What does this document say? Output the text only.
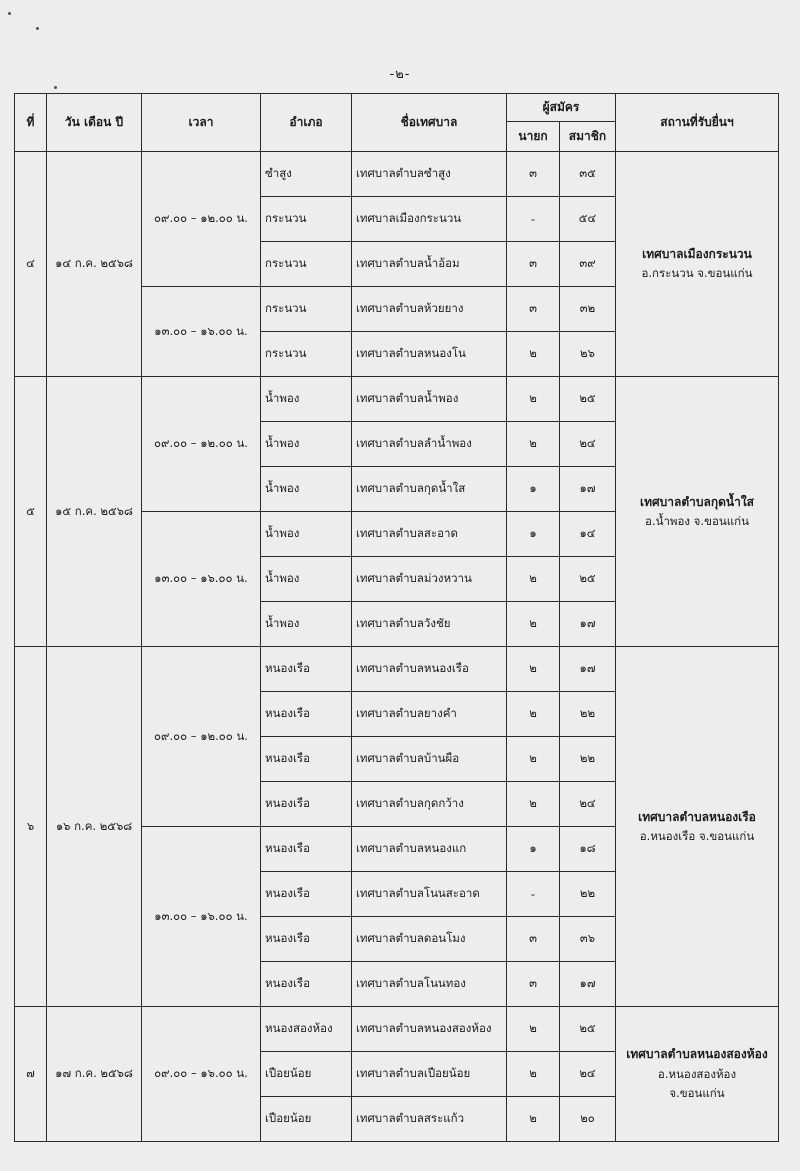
-๒-
ที่	วัน เดือน ปี	เวลา	อำเภอ	ชื่อเทศบาล	ผู้สมัคร		สถานที่รับยื่นฯ
					นายก	สมาชิก	
๔	๑๔ ก.ค. ๒๕๖๘	๐๙.๐๐ – ๑๒.๐๐ น.	ซำสูง	เทศบาลตำบลซำสูง	๓	๓๕	เทศบาลเมืองกระนวน
อ.กระนวน จ.ขอนแก่น

			กระนวน	เทศบาลเมืองกระนวน	-	๕๔	
			กระนวน	เทศบาลตำบลน้ำอ้อม	๓	๓๙	
		๑๓.๐๐ – ๑๖.๐๐ น.	กระนวน	เทศบาลตำบลห้วยยาง	๓	๓๒	
			กระนวน	เทศบาลตำบลหนองโน	๒	๒๖	
๕	๑๕ ก.ค. ๒๕๖๘	๐๙.๐๐ – ๑๒.๐๐ น.	น้ำพอง	เทศบาลตำบลน้ำพอง	๒	๒๕	เทศบาลตำบลกุดน้ำใส
อ.น้ำพอง จ.ขอนแก่น

			น้ำพอง	เทศบาลตำบลลำน้ำพอง	๒	๒๔	
			น้ำพอง	เทศบาลตำบลกุดน้ำใส	๑	๑๗	
		๑๓.๐๐ – ๑๖.๐๐ น.	น้ำพอง	เทศบาลตำบลสะอาด	๑	๑๔	
			น้ำพอง	เทศบาลตำบลม่วงหวาน	๒	๒๕	
			น้ำพอง	เทศบาลตำบลวังชัย	๒	๑๗	
๖	๑๖ ก.ค. ๒๕๖๘	๐๙.๐๐ – ๑๒.๐๐ น.	หนองเรือ	เทศบาลตำบลหนองเรือ	๒	๑๗	เทศบาลตำบลหนองเรือ
อ.หนองเรือ จ.ขอนแก่น

			หนองเรือ	เทศบาลตำบลยางคำ	๒	๒๒	
			หนองเรือ	เทศบาลตำบลบ้านผือ	๒	๒๒	
			หนองเรือ	เทศบาลตำบลกุดกว้าง	๒	๒๔	
		๑๓.๐๐ – ๑๖.๐๐ น.	หนองเรือ	เทศบาลตำบลหนองแก	๑	๑๘	
			หนองเรือ	เทศบาลตำบลโนนสะอาด	-	๒๒	
			หนองเรือ	เทศบาลตำบลดอนโมง	๓	๓๖	
			หนองเรือ	เทศบาลตำบลโนนทอง	๓	๑๗	
๗	๑๗ ก.ค. ๒๕๖๘	๐๙.๐๐ – ๑๖.๐๐ น.	หนองสองห้อง	เทศบาลตำบลหนองสองห้อง	๒	๒๕	เทศบาลตำบลหนองสองห้อง
อ.หนองสองห้อง
จ.ขอนแก่น

			เปือยน้อย	เทศบาลตำบลเปือยน้อย	๒	๒๔	
			เปือยน้อย	เทศบาลตำบลสระแก้ว	๒	๒๐	
